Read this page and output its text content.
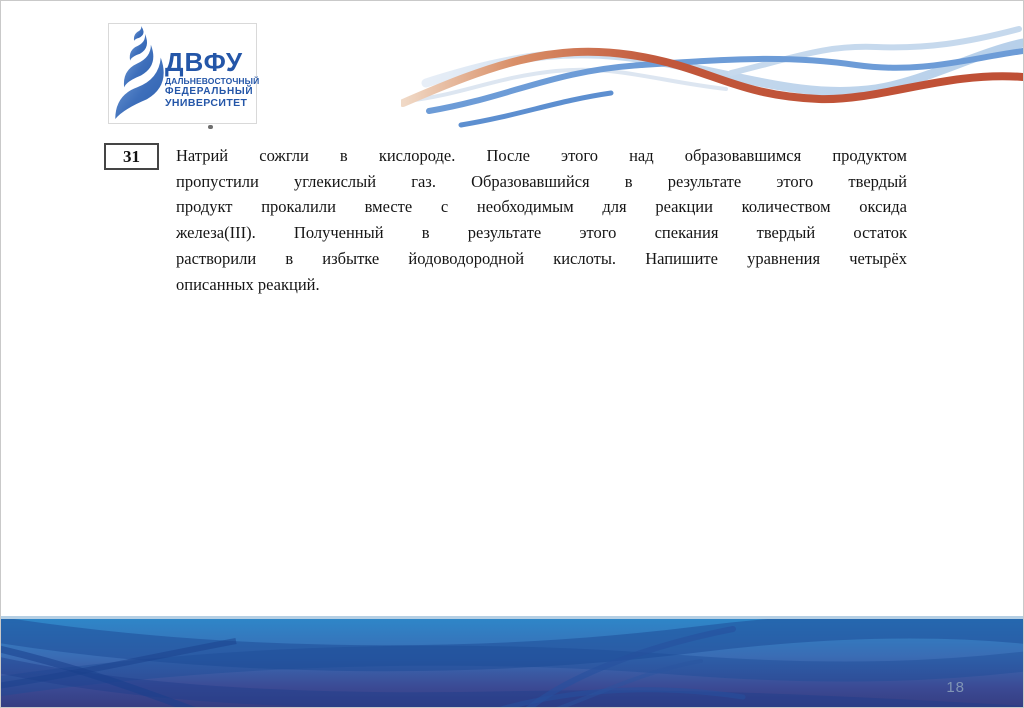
ДВФУ
ДАЛЬНЕВОСТОЧНЫЙ
ФЕДЕРАЛЬНЫЙ
УНИВЕРСИТЕТ
31 Натрий сожгли в кислороде. После этого над образовавшимся продуктом
пропустили углекислый газ. Образовавшийся в результате этого твердый
продукт прокалили вместе с необходимым для реакции количеством оксида
железа(III). Полученный в результате этого спекания твердый остаток
растворили в избытке йодоводородной кислоты. Напишите уравнения четырёх
описанных реакций.
18
